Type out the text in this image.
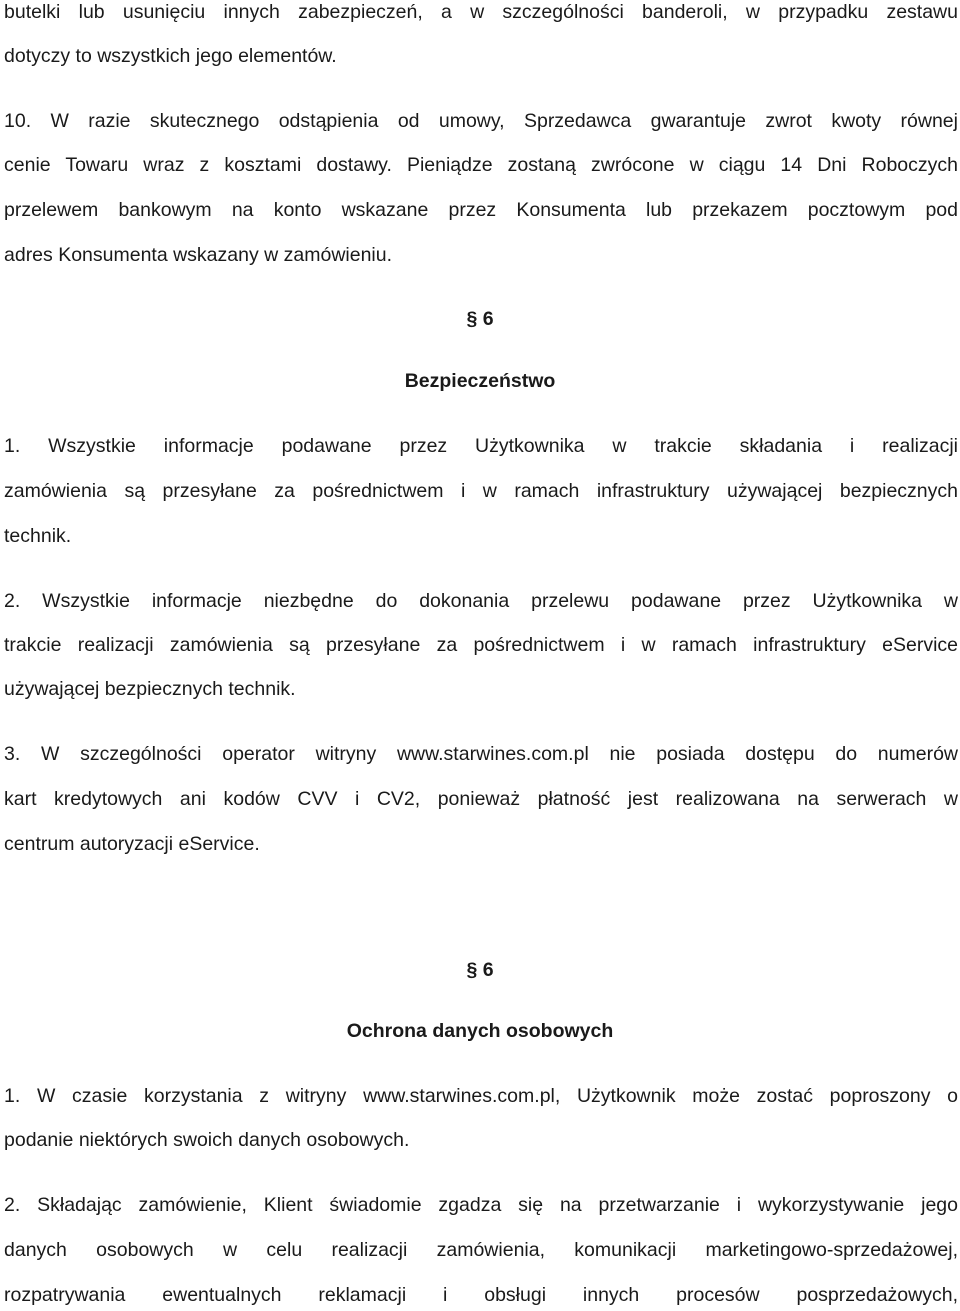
butelki lub usunięciu innych zabezpieczeń, a w szczególności banderoli, w przypadku zestawu
dotyczy to wszystkich jego elementów.
10. W razie skutecznego odstąpienia od umowy, Sprzedawca gwarantuje zwrot kwoty równej
cenie Towaru wraz z kosztami dostawy. Pieniądze zostaną zwrócone w ciągu 14 Dni Roboczych
przelewem bankowym na konto wskazane przez Konsumenta lub przekazem pocztowym pod
adres Konsumenta wskazany w zamówieniu.
§ 6
Bezpieczeństwo
1. Wszystkie informacje podawane przez Użytkownika w trakcie składania i realizacji
zamówienia są przesyłane za pośrednictwem i w ramach infrastruktury używającej bezpiecznych
technik.
2. Wszystkie informacje niezbędne do dokonania przelewu podawane przez Użytkownika w
trakcie realizacji zamówienia są przesyłane za pośrednictwem i w ramach infrastruktury eService
używającej bezpiecznych technik.
3. W szczególności operator witryny www.starwines.com.pl nie posiada dostępu do numerów
kart kredytowych ani kodów CVV i CV2, ponieważ płatność jest realizowana na serwerach w
centrum autoryzacji eService.
§ 6
Ochrona danych osobowych
1. W czasie korzystania z witryny www.starwines.com.pl, Użytkownik może zostać poproszony o
podanie niektórych swoich danych osobowych.
2. Składając zamówienie, Klient świadomie zgadza się na przetwarzanie i wykorzystywanie jego
danych osobowych w celu realizacji zamówienia, komunikacji marketingowo-sprzedażowej,
rozpatrywania ewentualnych reklamacji i obsługi innych procesów posprzedażowych,
